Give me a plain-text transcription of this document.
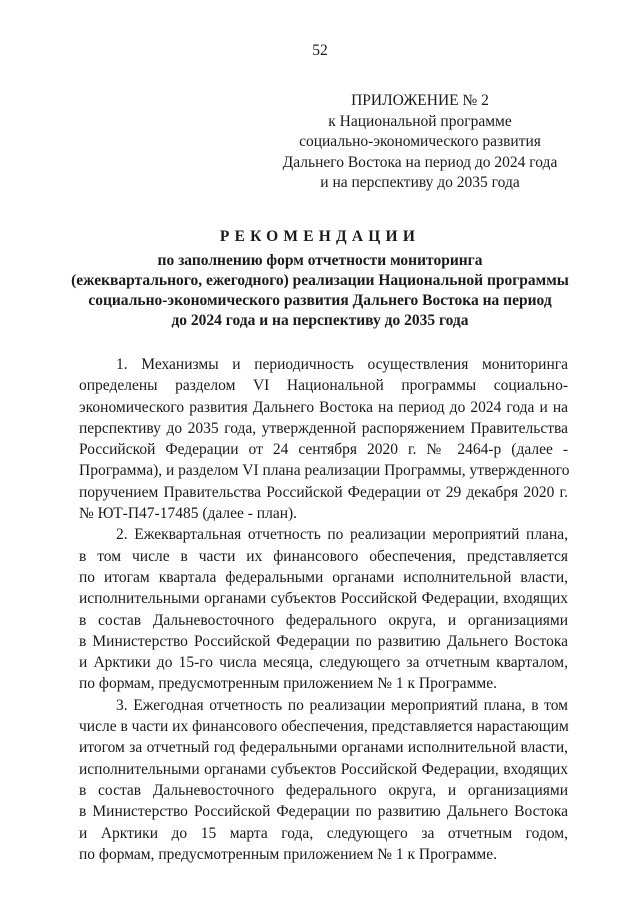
52
ПРИЛОЖЕНИЕ № 2
к Национальной программе
социально-экономического развития
Дальнего Востока на период до 2024 года
и на перспективу до 2035 года
РЕКОМЕНДАЦИИ
по заполнению форм отчетности мониторинга
(ежеквартального, ежегодного) реализации Национальной программы
социально-экономического развития Дальнего Востока на период
до 2024 года и на перспективу до 2035 года
1. Механизмы и периодичность осуществления мониторинга
определены разделом VI Национальной программы социально-
экономического развития Дальнего Востока на период до 2024 года и на
перспективу до 2035 года, утвержденной распоряжением Правительства
Российской Федерации от 24 сентября 2020 г. № 2464-р (далее -
Программа), и разделом VI плана реализации Программы, утвержденного
поручением Правительства Российской Федерации от 29 декабря 2020 г.
№ ЮТ-П47-17485 (далее - план).
2. Ежеквартальная отчетность по реализации мероприятий плана,
в том числе в части их финансового обеспечения, представляется
по итогам квартала федеральными органами исполнительной власти,
исполнительными органами субъектов Российской Федерации, входящих
в состав Дальневосточного федерального округа, и организациями
в Министерство Российской Федерации по развитию Дальнего Востока
и Арктики до 15-го числа месяца, следующего за отчетным кварталом,
по формам, предусмотренным приложением № 1 к Программе.
3. Ежегодная отчетность по реализации мероприятий плана, в том
числе в части их финансового обеспечения, представляется нарастающим
итогом за отчетный год федеральными органами исполнительной власти,
исполнительными органами субъектов Российской Федерации, входящих
в состав Дальневосточного федерального округа, и организациями
в Министерство Российской Федерации по развитию Дальнего Востока
и Арктики до 15 марта года, следующего за отчетным годом,
по формам, предусмотренным приложением № 1 к Программе.
